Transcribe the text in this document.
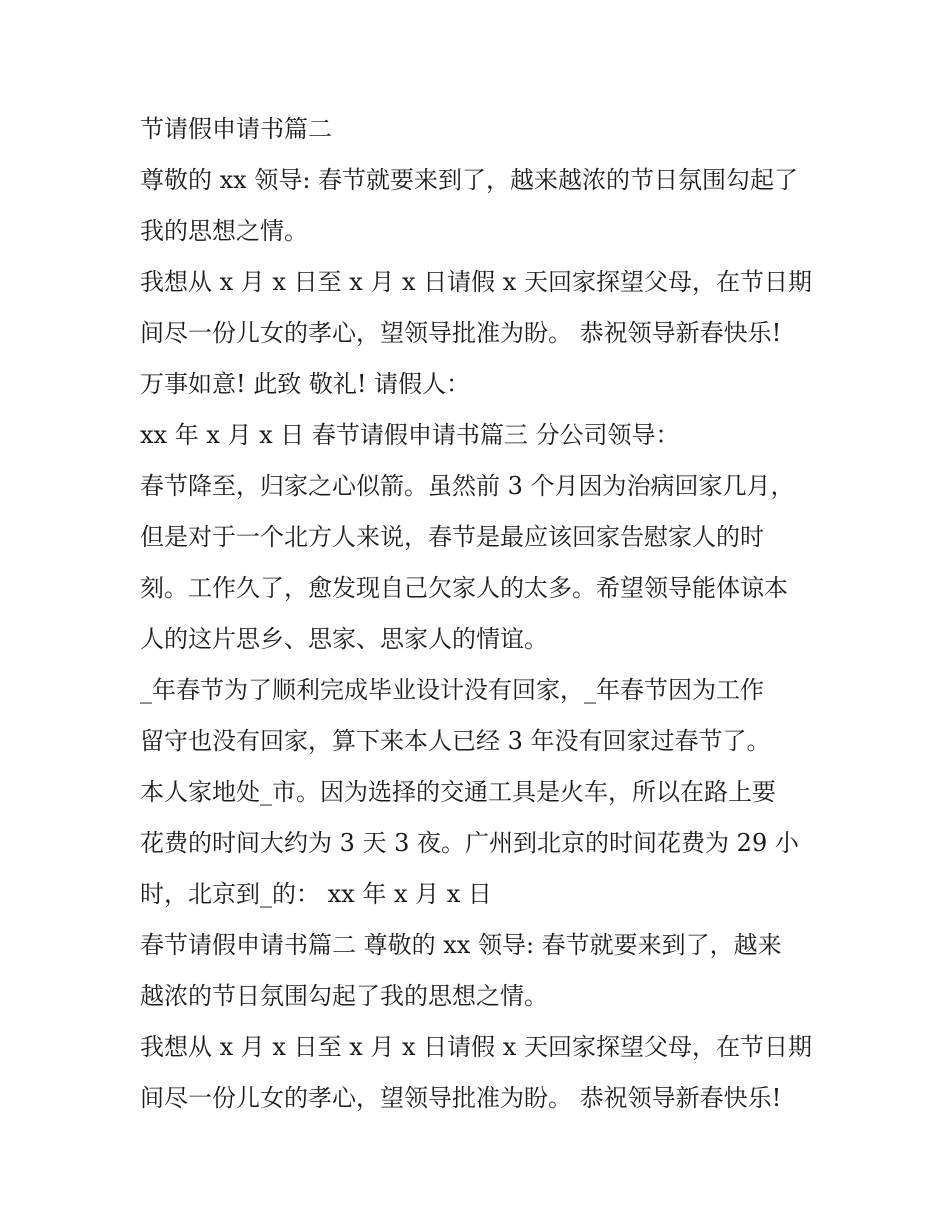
节请假申请书篇二
尊敬的 xx 领导: 春节就要来到了，越来越浓的节日氛围勾起了
我的思想之情。
我想从 x 月 x 日至 x 月 x 日请假 x 天回家探望父母，在节日期
间尽一份儿女的孝心，望领导批准为盼。 恭祝领导新春快乐!
万事如意! 此致 敬礼! 请假人：
xx 年 x 月 x 日 春节请假申请书篇三 分公司领导：
春节降至，归家之心似箭。虽然前 3 个月因为治病回家几月，
但是对于一个北方人来说，春节是最应该回家告慰家人的时
刻。工作久了，愈发现自己欠家人的太多。希望领导能体谅本
人的这片思乡、思家、思家人的情谊。
_年春节为了顺利完成毕业设计没有回家，_年春节因为工作
留守也没有回家，算下来本人已经 3 年没有回家过春节了。
本人家地处_市。因为选择的交通工具是火车，所以在路上要
花费的时间大约为 3 天 3 夜。广州到北京的时间花费为 29 小
时，北京到_的： xx 年 x 月 x 日
春节请假申请书篇二 尊敬的 xx 领导: 春节就要来到了，越来
越浓的节日氛围勾起了我的思想之情。
我想从 x 月 x 日至 x 月 x 日请假 x 天回家探望父母，在节日期
间尽一份儿女的孝心，望领导批准为盼。 恭祝领导新春快乐!
